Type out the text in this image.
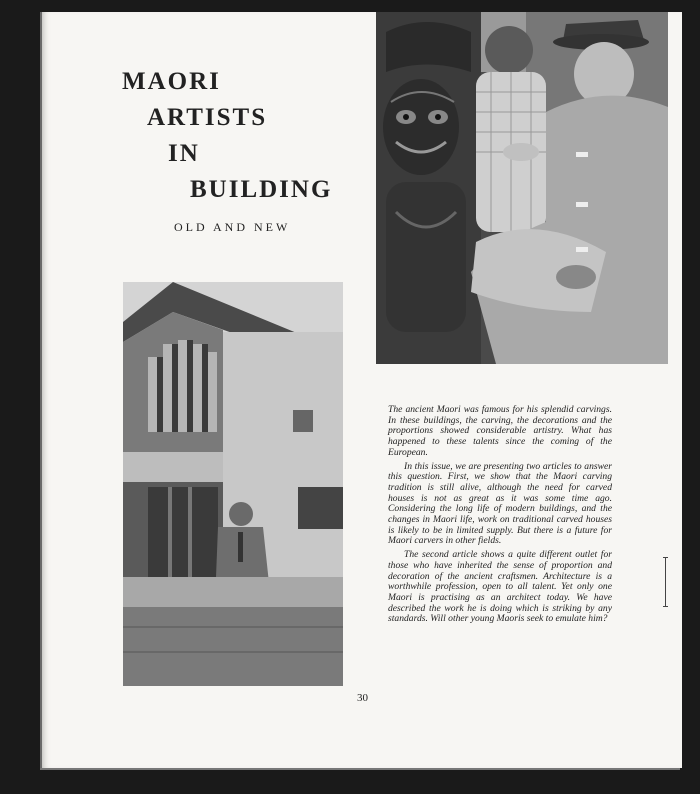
MAORI
ARTISTS
IN
BUILDING
OLD AND NEW

The ancient Maori was famous for his splendid carvings. In these buildings, the carving, the decorations and the proportions showed considerable artistry. What has happened to these talents since the coming of the European.

In this issue, we are presenting two articles to answer this question. First, we show that the Maori carving tradition is still alive, although the need for carved houses is not as great as it was some time ago. Considering the long life of modern buildings, and the changes in Maori life, work on traditional carved houses is likely to be in limited supply. But there is a future for Maori carvers in other fields.

The second article shows a quite different outlet for those who have inherited the sense of proportion and decoration of the ancient craftsmen. Architecture is a worthwhile profession, open to all talent. Yet only one Maori is practising as an architect today. We have described the work he is doing which is striking by any standards. Will other young Maoris seek to emulate him?

30
